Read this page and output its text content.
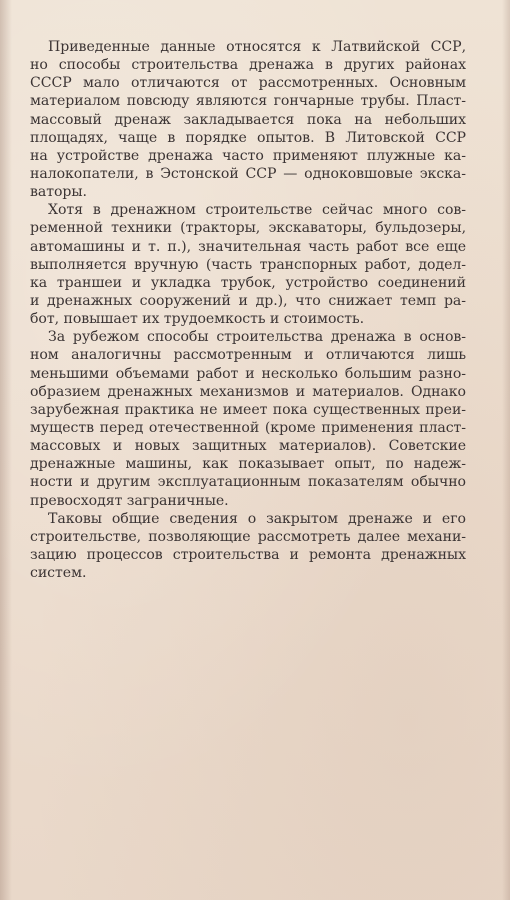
Приведенные данные относятся к Латвийской ССР,
но способы строительства дренажа в других районах
СССР мало отличаются от рассмотренных. Основным
материалом повсюду являются гончарные трубы. Пласт-
массовый дренаж закладывается пока на небольших
площадях, чаще в порядке опытов. В Литовской ССР
на устройстве дренажа часто применяют плужные ка-
налокопатели, в Эстонской ССР — одноковшовые экска-
ваторы.
Хотя в дренажном строительстве сейчас много сов-
ременной техники (тракторы, экскаваторы, бульдозеры,
автомашины и т. п.), значительная часть работ все еще
выполняется вручную (часть транспорных работ, додел-
ка траншеи и укладка трубок, устройство соединений
и дренажных сооружений и др.), что снижает темп ра-
бот, повышает их трудоемкость и стоимость.
За рубежом способы строительства дренажа в основ-
ном аналогичны рассмотренным и отличаются лишь
меньшими объемами работ и несколько большим разно-
образием дренажных механизмов и материалов. Однако
зарубежная практика не имеет пока существенных преи-
муществ перед отечественной (кроме применения пласт-
массовых и новых защитных материалов). Советские
дренажные машины, как показывает опыт, по надеж-
ности и другим эксплуатационным показателям обычно
превосходят заграничные.
Таковы общие сведения о закрытом дренаже и его
строительстве, позволяющие рассмотреть далее механи-
зацию процессов строительства и ремонта дренажных
систем.
